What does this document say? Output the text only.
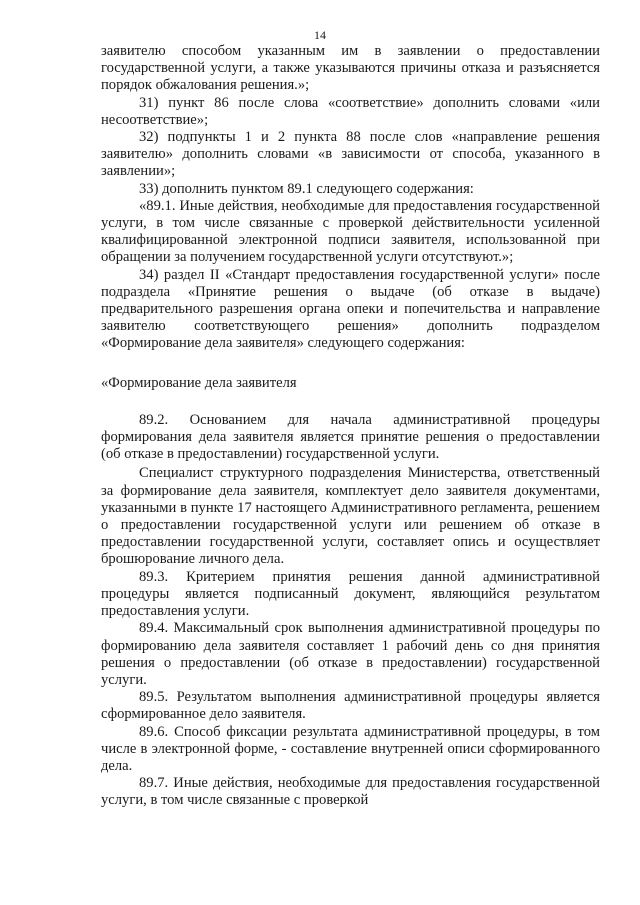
14

заявителю способом указанным им в заявлении о предоставлении государственной услуги, а также указываются причины отказа и разъясняется порядок обжалования решения.»;

31) пункт 86 после слова «соответствие» дополнить словами «или несоответствие»;

32) подпункты 1 и 2 пункта 88 после слов «направление решения заявителю» дополнить словами «в зависимости от способа, указанного в заявлении»;

33) дополнить пунктом 89.1 следующего содержания:

«89.1. Иные действия, необходимые для предоставления государственной услуги, в том числе связанные с проверкой действительности усиленной квалифицированной электронной подписи заявителя, использованной при обращении за получением государственной услуги отсутствуют.»;

34) раздел II «Стандарт предоставления государственной услуги» после подраздела «Принятие решения о выдаче (об отказе в выдаче) предварительного разрешения органа опеки и попечительства и направление заявителю соответствующего решения» дополнить подразделом «Формирование дела заявителя» следующего содержания:

«Формирование дела заявителя

89.2. Основанием для начала административной процедуры формирования дела заявителя является принятие решения о предоставлении (об отказе в предоставлении) государственной услуги.

Специалист структурного подразделения Министерства, ответственный за формирование дела заявителя, комплектует дело заявителя документами, указанными в пункте 17 настоящего Административного регламента, решением о предоставлении государственной услуги или решением об отказе в предоставлении государственной услуги, составляет опись и осуществляет брошюрование личного дела.

89.3. Критерием принятия решения данной административной процедуры является подписанный документ, являющийся результатом предоставления услуги.

89.4. Максимальный срок выполнения административной процедуры по формированию дела заявителя составляет 1 рабочий день со дня принятия решения о предоставлении (об отказе в предоставлении) государственной услуги.

89.5. Результатом выполнения административной процедуры является сформированное дело заявителя.

89.6. Способ фиксации результата административной процедуры, в том числе в электронной форме, - составление внутренней описи сформированного дела.

89.7. Иные действия, необходимые для предоставления государственной услуги, в том числе связанные с проверкой
